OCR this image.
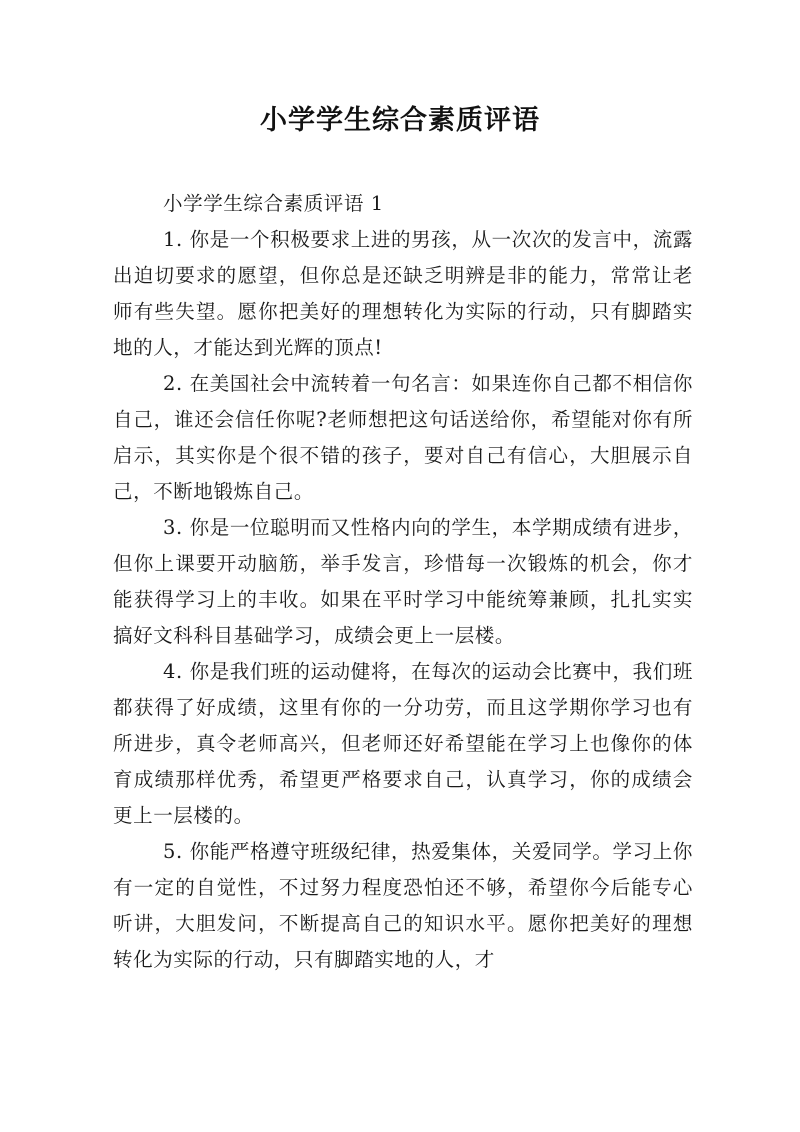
小学学生综合素质评语

小学学生综合素质评语 1

1. 你是一个积极要求上进的男孩，从一次次的发言中，流露出迫切要求的愿望，但你总是还缺乏明辨是非的能力，常常让老师有些失望。愿你把美好的理想转化为实际的行动，只有脚踏实地的人，才能达到光辉的顶点!

2. 在美国社会中流转着一句名言：如果连你自己都不相信你自己，谁还会信任你呢?老师想把这句话送给你，希望能对你有所启示，其实你是个很不错的孩子，要对自己有信心，大胆展示自己，不断地锻炼自己。

3. 你是一位聪明而又性格内向的学生，本学期成绩有进步，但你上课要开动脑筋，举手发言，珍惜每一次锻炼的机会，你才能获得学习上的丰收。如果在平时学习中能统筹兼顾，扎扎实实搞好文科科目基础学习，成绩会更上一层楼。

4. 你是我们班的运动健将，在每次的运动会比赛中，我们班都获得了好成绩，这里有你的一分功劳，而且这学期你学习也有所进步，真令老师高兴，但老师还好希望能在学习上也像你的体育成绩那样优秀，希望更严格要求自己，认真学习，你的成绩会更上一层楼的。

5. 你能严格遵守班级纪律，热爱集体，关爱同学。学习上你有一定的自觉性，不过努力程度恐怕还不够，希望你今后能专心听讲，大胆发问，不断提高自己的知识水平。愿你把美好的理想转化为实际的行动，只有脚踏实地的人，才
